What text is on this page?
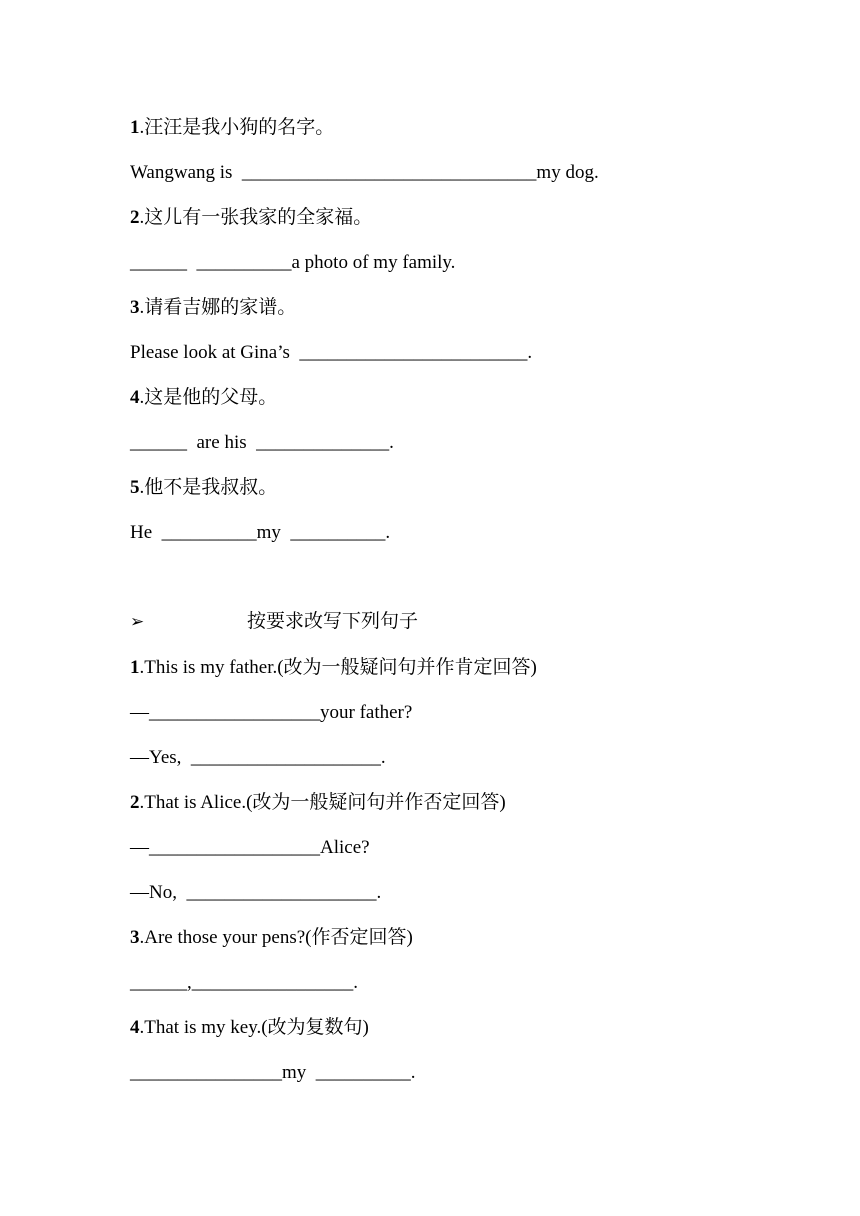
1.汪汪是我小狗的名字。
Wangwang is  _______________________________my dog.
2.这儿有一张我家的全家福。
______  __________a photo of my family.
3.请看吉娜的家谱。
Please look at Gina’s  ________________________.
4.这是他的父母。
______  are his  ______________.
5.他不是我叔叔。
He  __________my  __________.
➢	按要求改写下列句子
1.This is my father.(改为一般疑问句并作肯定回答)
—__________________your father?
—Yes,  ____________________.
2.That is Alice.(改为一般疑问句并作否定回答)
—__________________Alice?
—No,  ____________________.
3.Are those your pens?(作否定回答)
______,_________________.
4.That is my key.(改为复数句)
________________my  __________.
